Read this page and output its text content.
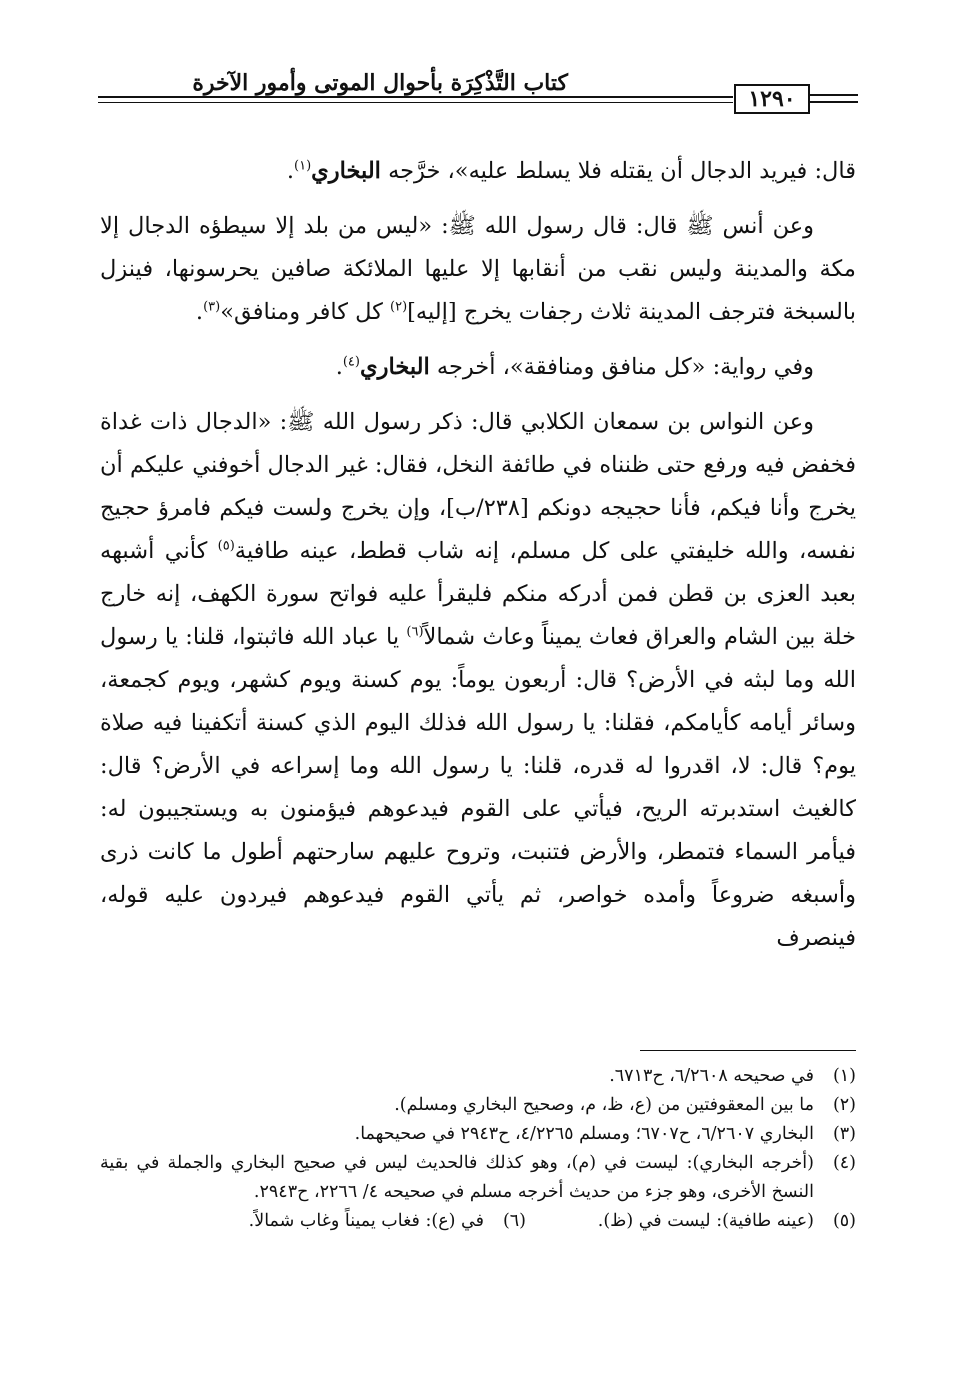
كتاب التَّذْكِرَة بأحوال الموتى وأمور الآخرة
١٢٩٠

قال: فيريد الدجال أن يقتله فلا يسلط عليه»، خرَّجه البخاري$^{(١)}$.

وعن أنس ﷺ قال: قال رسول الله ﷺ: «ليس من بلد إلا سيطؤه الدجال إلا مكة والمدينة وليس نقب من أنقابها إلا عليها الملائكة صافين يحرسونها، فينزل بالسبخة فترجف المدينة ثلاث رجفات يخرج [إليه]$^{(٢)}$ كل كافر ومنافق»$^{(٣)}$.

وفي رواية: «كل منافق ومنافقة»، أخرجه البخاري$^{(٤)}$.

وعن النواس بن سمعان الكلابي قال: ذكر رسول الله ﷺ: «الدجال ذات غداة فخفض فيه ورفع حتى ظنناه في طائفة النخل، فقال: غير الدجال أخوفني عليكم أن يخرج وأنا فيكم، فأنا حجيجه دونكم [٢٣٨/ب]، وإن يخرج ولست فيكم فامرؤ حجيج نفسه، والله خليفتي على كل مسلم، إنه شاب قطط، عينه طافية$^{(٥)}$ كأني أشبهه بعبد العزى بن قطن فمن أدركه منكم فليقرأ عليه فواتح سورة الكهف، إنه خارج خلة بين الشام والعراق فعاث يميناً وعاث شمالاً$^{(٦)}$ يا عباد الله فاثبتوا، قلنا: يا رسول الله وما لبثه في الأرض؟ قال: أربعون يوماً: يوم كسنة ويوم كشهر، ويوم كجمعة، وسائر أيامه كأيامكم، فقلنا: يا رسول الله فذلك اليوم الذي كسنة أتكفينا فيه صلاة يوم؟ قال: لا، اقدروا له قدره، قلنا: يا رسول الله وما إسراعه في الأرض؟ قال: كالغيث استدبرته الريح، فيأتي على القوم فيدعوهم فيؤمنون به ويستجيبون له: فيأمر السماء فتمطر، والأرض فتنبت، وتروح عليهم سارحتهم أطول ما كانت ذرى وأسبغه ضروعاً وأمده خواصر، ثم يأتي القوم فيدعوهم فيردون عليه قوله، فينصرف

(١)
في صحيحه ٦/٢٦٠٨، ح٦٧١٣.
(٢)
ما بين المعقوفتين من (ع، ظ، م، وصحيح البخاري ومسلم).
(٣)
البخاري ٦/٢٦٠٧، ح٦٧٠٧؛ ومسلم ٤/٢٢٦٥، ح٢٩٤٣ في صحيحهما.
(٤)
(أخرجه البخاري): ليست في (م)، وهو كذلك فالحديث ليس في صحيح البخاري والجملة في بقية النسخ الأخرى، وهو جزء من حديث أخرجه مسلم في صحيحه ٤/ ٢٢٦٦، ح٢٩٤٣.
(٥)
(عينه طافية): ليست في (ظ).
(٦)
في (ع): فغاب يميناً وغاب شمالاً.
